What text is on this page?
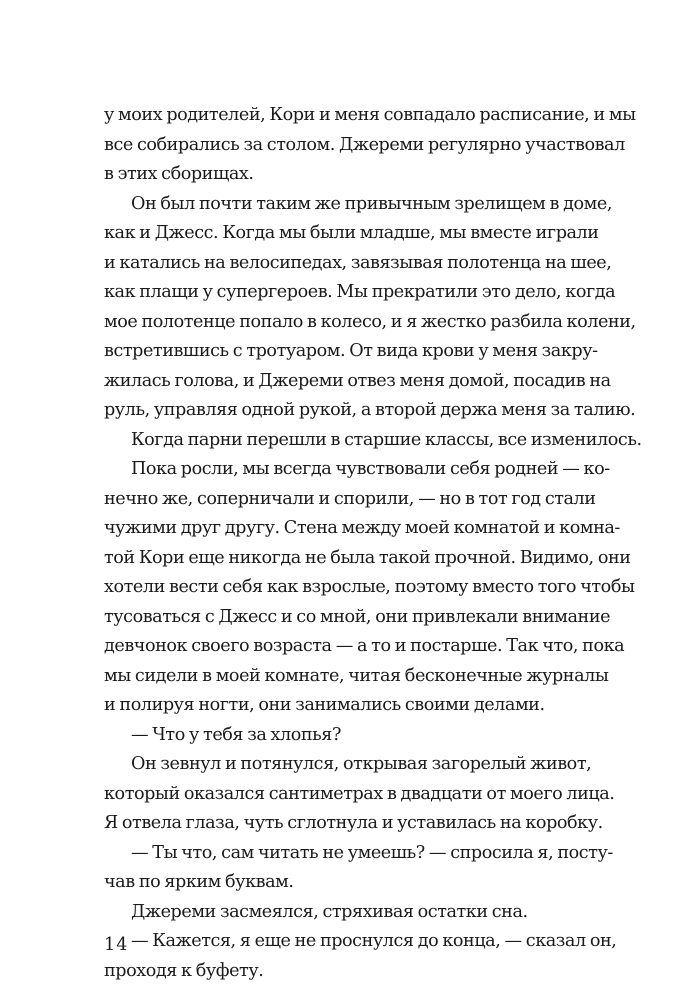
у моих родителей, Кори и меня совпадало расписание, и мы
все собирались за столом. Джереми регулярно участвовал
в этих сборищах.
Он был почти таким же привычным зрелищем в доме,
как и Джесс. Когда мы были младше, мы вместе играли
и катались на велосипедах, завязывая полотенца на шее,
как плащи у супергероев. Мы прекратили это дело, когда
мое полотенце попало в колесо, и я жестко разбила колени,
встретившись с тротуаром. От вида крови у меня закру-
жилась голова, и Джереми отвез меня домой, посадив на
руль, управляя одной рукой, а второй держа меня за талию.
Когда парни перешли в старшие классы, все изменилось.
Пока росли, мы всегда чувствовали себя родней — ко-
нечно же, соперничали и спорили, — но в тот год стали
чужими друг другу. Стена между моей комнатой и комна-
той Кори еще никогда не была такой прочной. Видимо, они
хотели вести себя как взрослые, поэтому вместо того чтобы
тусоваться с Джесс и со мной, они привлекали внимание
девчонок своего возраста — а то и постарше. Так что, пока
мы сидели в моей комнате, читая бесконечные журналы
и полируя ногти, они занимались своими делами.
— Что у тебя за хлопья?
Он зевнул и потянулся, открывая загорелый живот,
который оказался сантиметрах в двадцати от моего лица.
Я отвела глаза, чуть сглотнула и уставилась на коробку.
— Ты что, сам читать не умеешь? — спросила я, посту-
чав по ярким буквам.
Джереми засмеялся, стряхивая остатки сна.
— Кажется, я еще не проснулся до конца, — сказал он,
проходя к буфету.
14
